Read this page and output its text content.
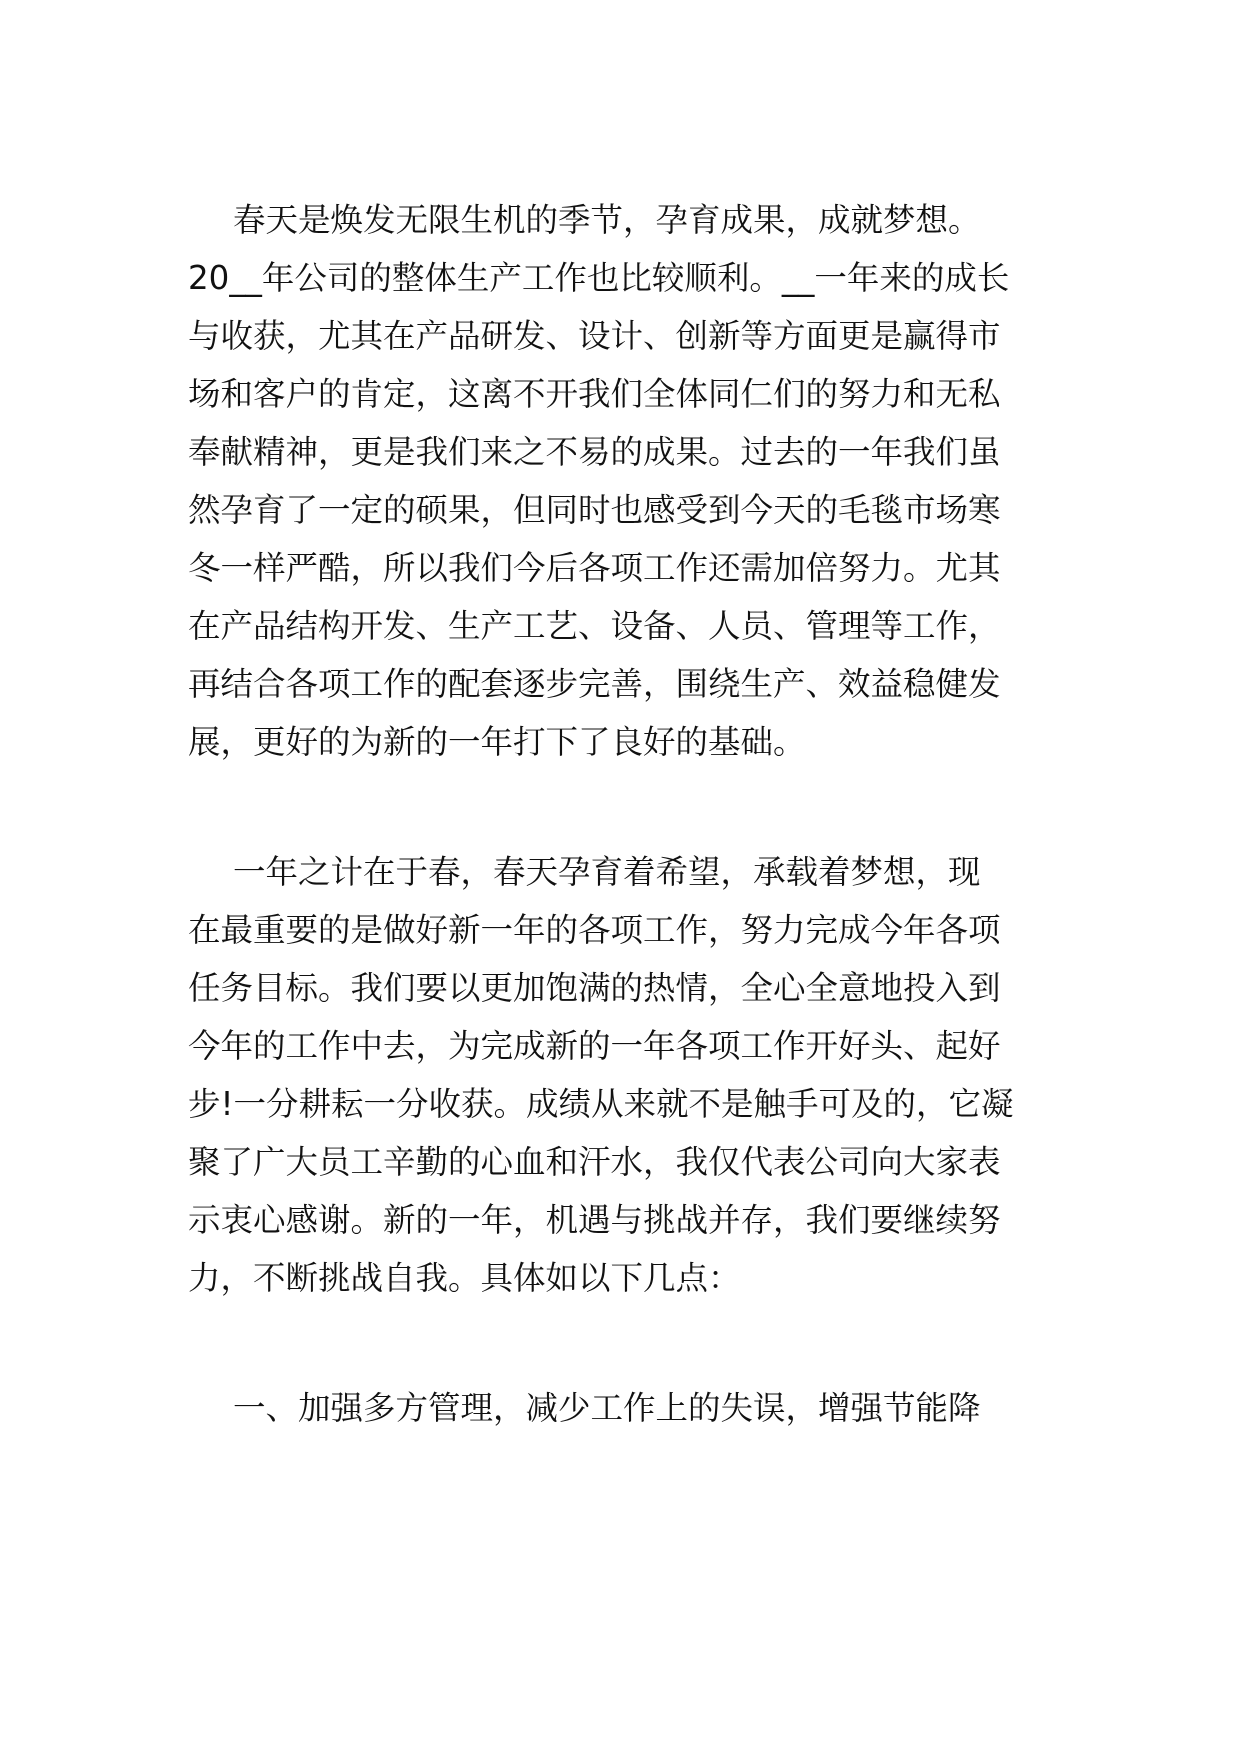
春天是焕发无限生机的季节，孕育成果，成就梦想。

20__年公司的整体生产工作也比较顺利。__一年来的成长

与收获，尤其在产品研发、设计、创新等方面更是赢得市

场和客户的肯定，这离不开我们全体同仁们的努力和无私

奉献精神，更是我们来之不易的成果。过去的一年我们虽

然孕育了一定的硕果，但同时也感受到今天的毛毯市场寒

冬一样严酷，所以我们今后各项工作还需加倍努力。尤其

在产品结构开发、生产工艺、设备、人员、管理等工作，

再结合各项工作的配套逐步完善，围绕生产、效益稳健发

展，更好的为新的一年打下了良好的基础。

一年之计在于春，春天孕育着希望，承载着梦想，现

在最重要的是做好新一年的各项工作，努力完成今年各项

任务目标。我们要以更加饱满的热情，全心全意地投入到

今年的工作中去，为完成新的一年各项工作开好头、起好

步!一分耕耘一分收获。成绩从来就不是触手可及的，它凝

聚了广大员工辛勤的心血和汗水，我仅代表公司向大家表

示衷心感谢。新的一年，机遇与挑战并存，我们要继续努

力，不断挑战自我。具体如以下几点：

一、加强多方管理，减少工作上的失误，增强节能降
